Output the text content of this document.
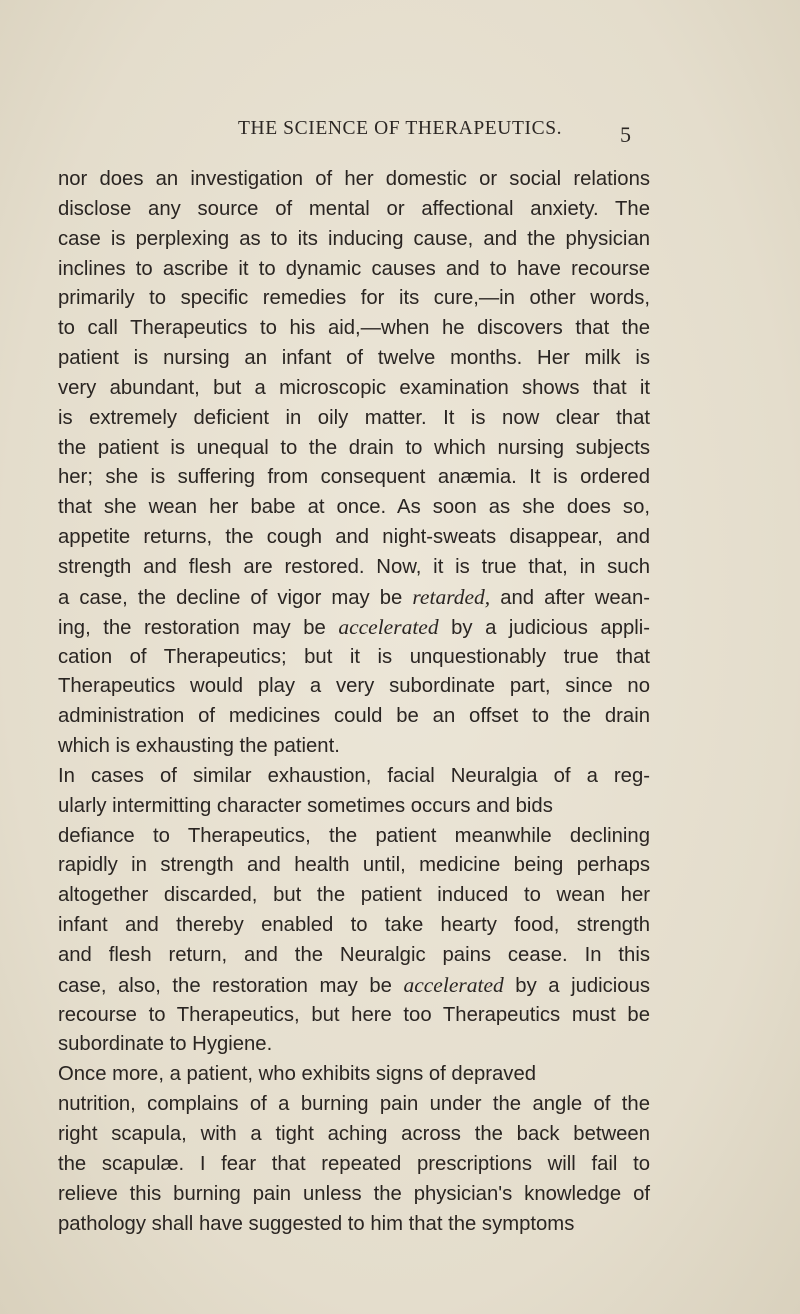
THE SCIENCE OF THERAPEUTICS.	5
nor does an investigation of her domestic or social relations
disclose any source of mental or affectional anxiety. The
case is perplexing as to its inducing cause, and the physician
inclines to ascribe it to dynamic causes and to have recourse
primarily to specific remedies for its cure,—in other words,
to call Therapeutics to his aid,—when he discovers that the
patient is nursing an infant of twelve months. Her milk is
very abundant, but a microscopic examination shows that it
is extremely deficient in oily matter. It is now clear that
the patient is unequal to the drain to which nursing subjects
her; she is suffering from consequent anæmia. It is ordered
that she wean her babe at once. As soon as she does so,
appetite returns, the cough and night-sweats disappear, and
strength and flesh are restored. Now, it is true that, in such
a case, the decline of vigor may be retarded, and after wean-
ing, the restoration may be accelerated by a judicious appli-
cation of Therapeutics; but it is unquestionably true that
Therapeutics would play a very subordinate part, since no
administration of medicines could be an offset to the drain
which is exhausting the patient.
In cases of similar exhaustion, facial Neuralgia of a reg-
ularly intermitting character sometimes occurs and bids
defiance to Therapeutics, the patient meanwhile declining
rapidly in strength and health until, medicine being perhaps
altogether discarded, but the patient induced to wean her
infant and thereby enabled to take hearty food, strength
and flesh return, and the Neuralgic pains cease. In this
case, also, the restoration may be accelerated by a judicious
recourse to Therapeutics, but here too Therapeutics must be
subordinate to Hygiene.
Once more, a patient, who exhibits signs of depraved
nutrition, complains of a burning pain under the angle of the
right scapula, with a tight aching across the back between
the scapulæ. I fear that repeated prescriptions will fail to
relieve this burning pain unless the physician's knowledge of
pathology shall have suggested to him that the symptoms
